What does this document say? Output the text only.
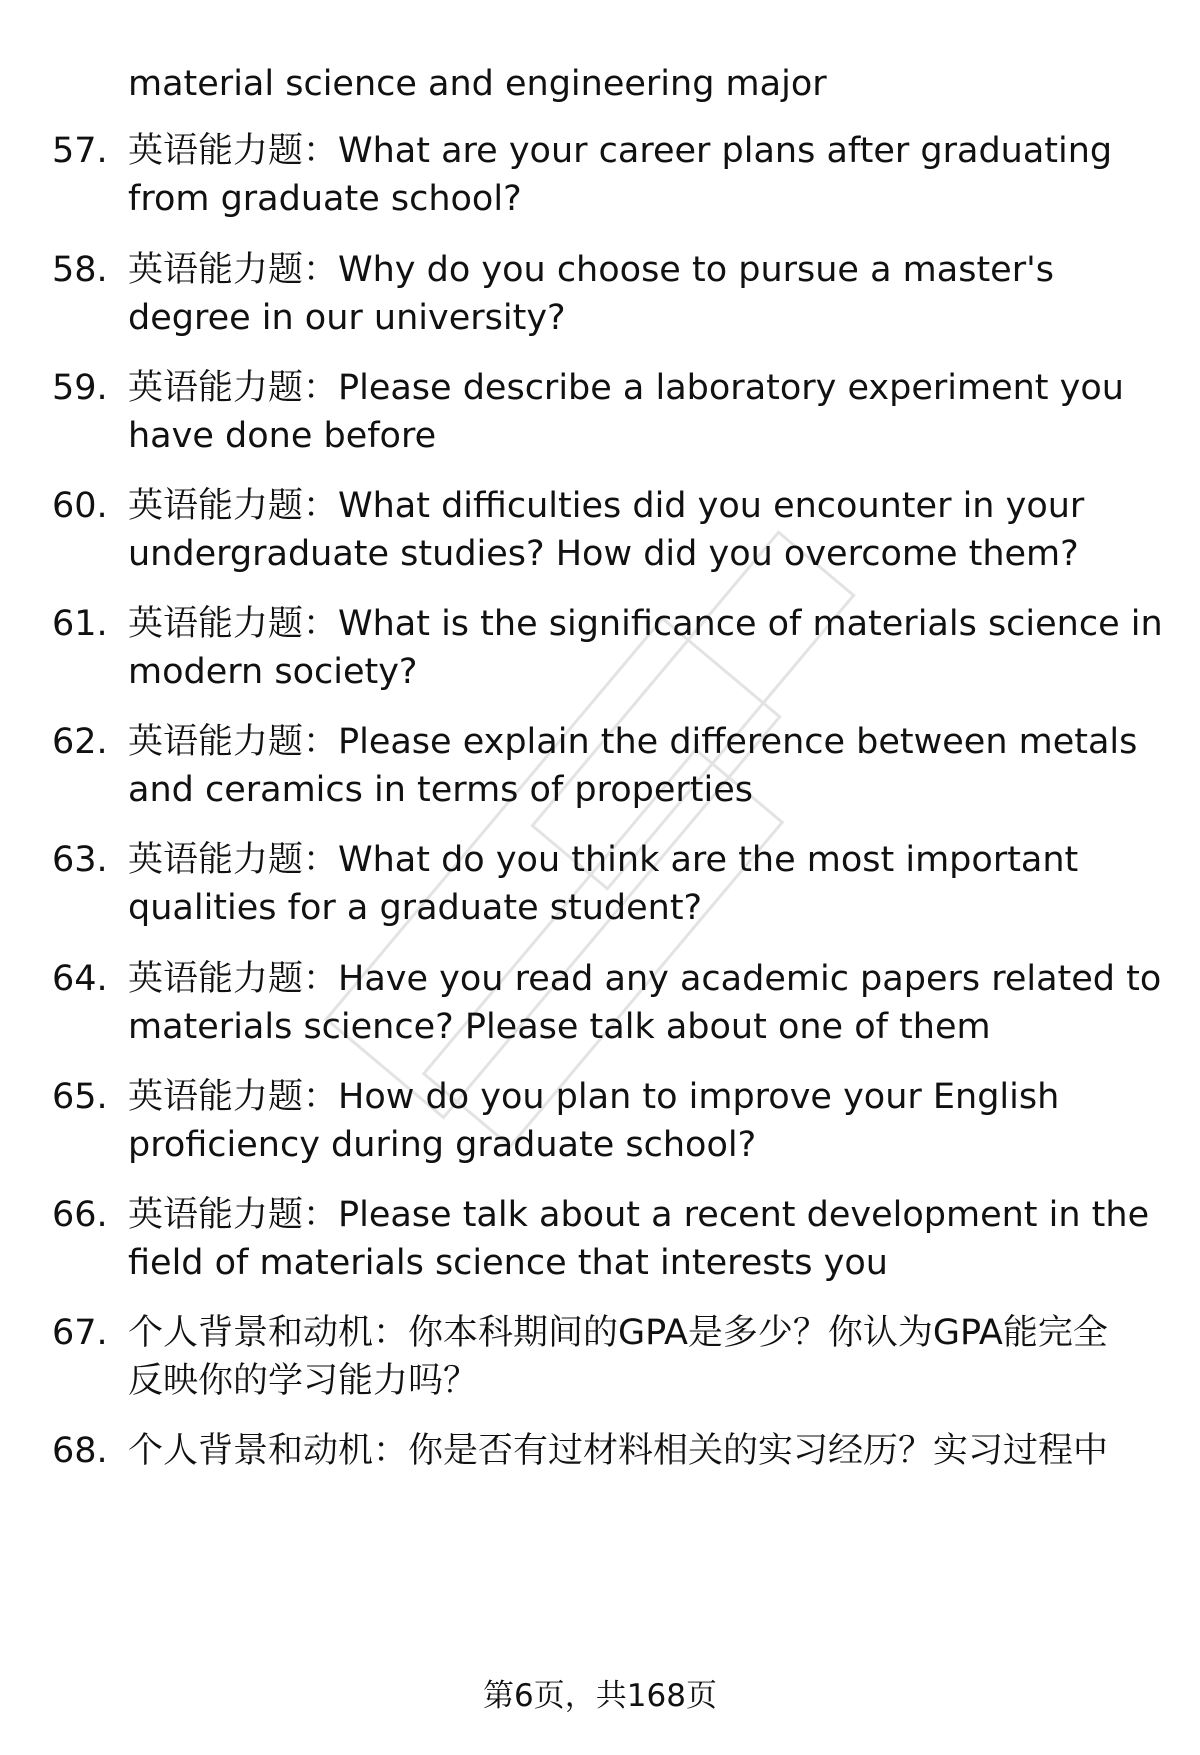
material science and engineering major
57. 英语能力题：What are your career plans after graduating
from graduate school?
58. 英语能力题：Why do you choose to pursue a master's
degree in our university?
59. 英语能力题：Please describe a laboratory experiment you
have done before
60. 英语能力题：What difficulties did you encounter in your
undergraduate studies? How did you overcome them?
61. 英语能力题：What is the significance of materials science in
modern society?
62. 英语能力题：Please explain the difference between metals
and ceramics in terms of properties
63. 英语能力题：What do you think are the most important
qualities for a graduate student?
64. 英语能力题：Have you read any academic papers related to
materials science? Please talk about one of them
65. 英语能力题：How do you plan to improve your English
proficiency during graduate school?
66. 英语能力题：Please talk about a recent development in the
field of materials science that interests you
67. 个人背景和动机：你本科期间的GPA是多少？你认为GPA能完全
反映你的学习能力吗？
68. 个人背景和动机：你是否有过材料相关的实习经历？实习过程中
第6页，共168页
